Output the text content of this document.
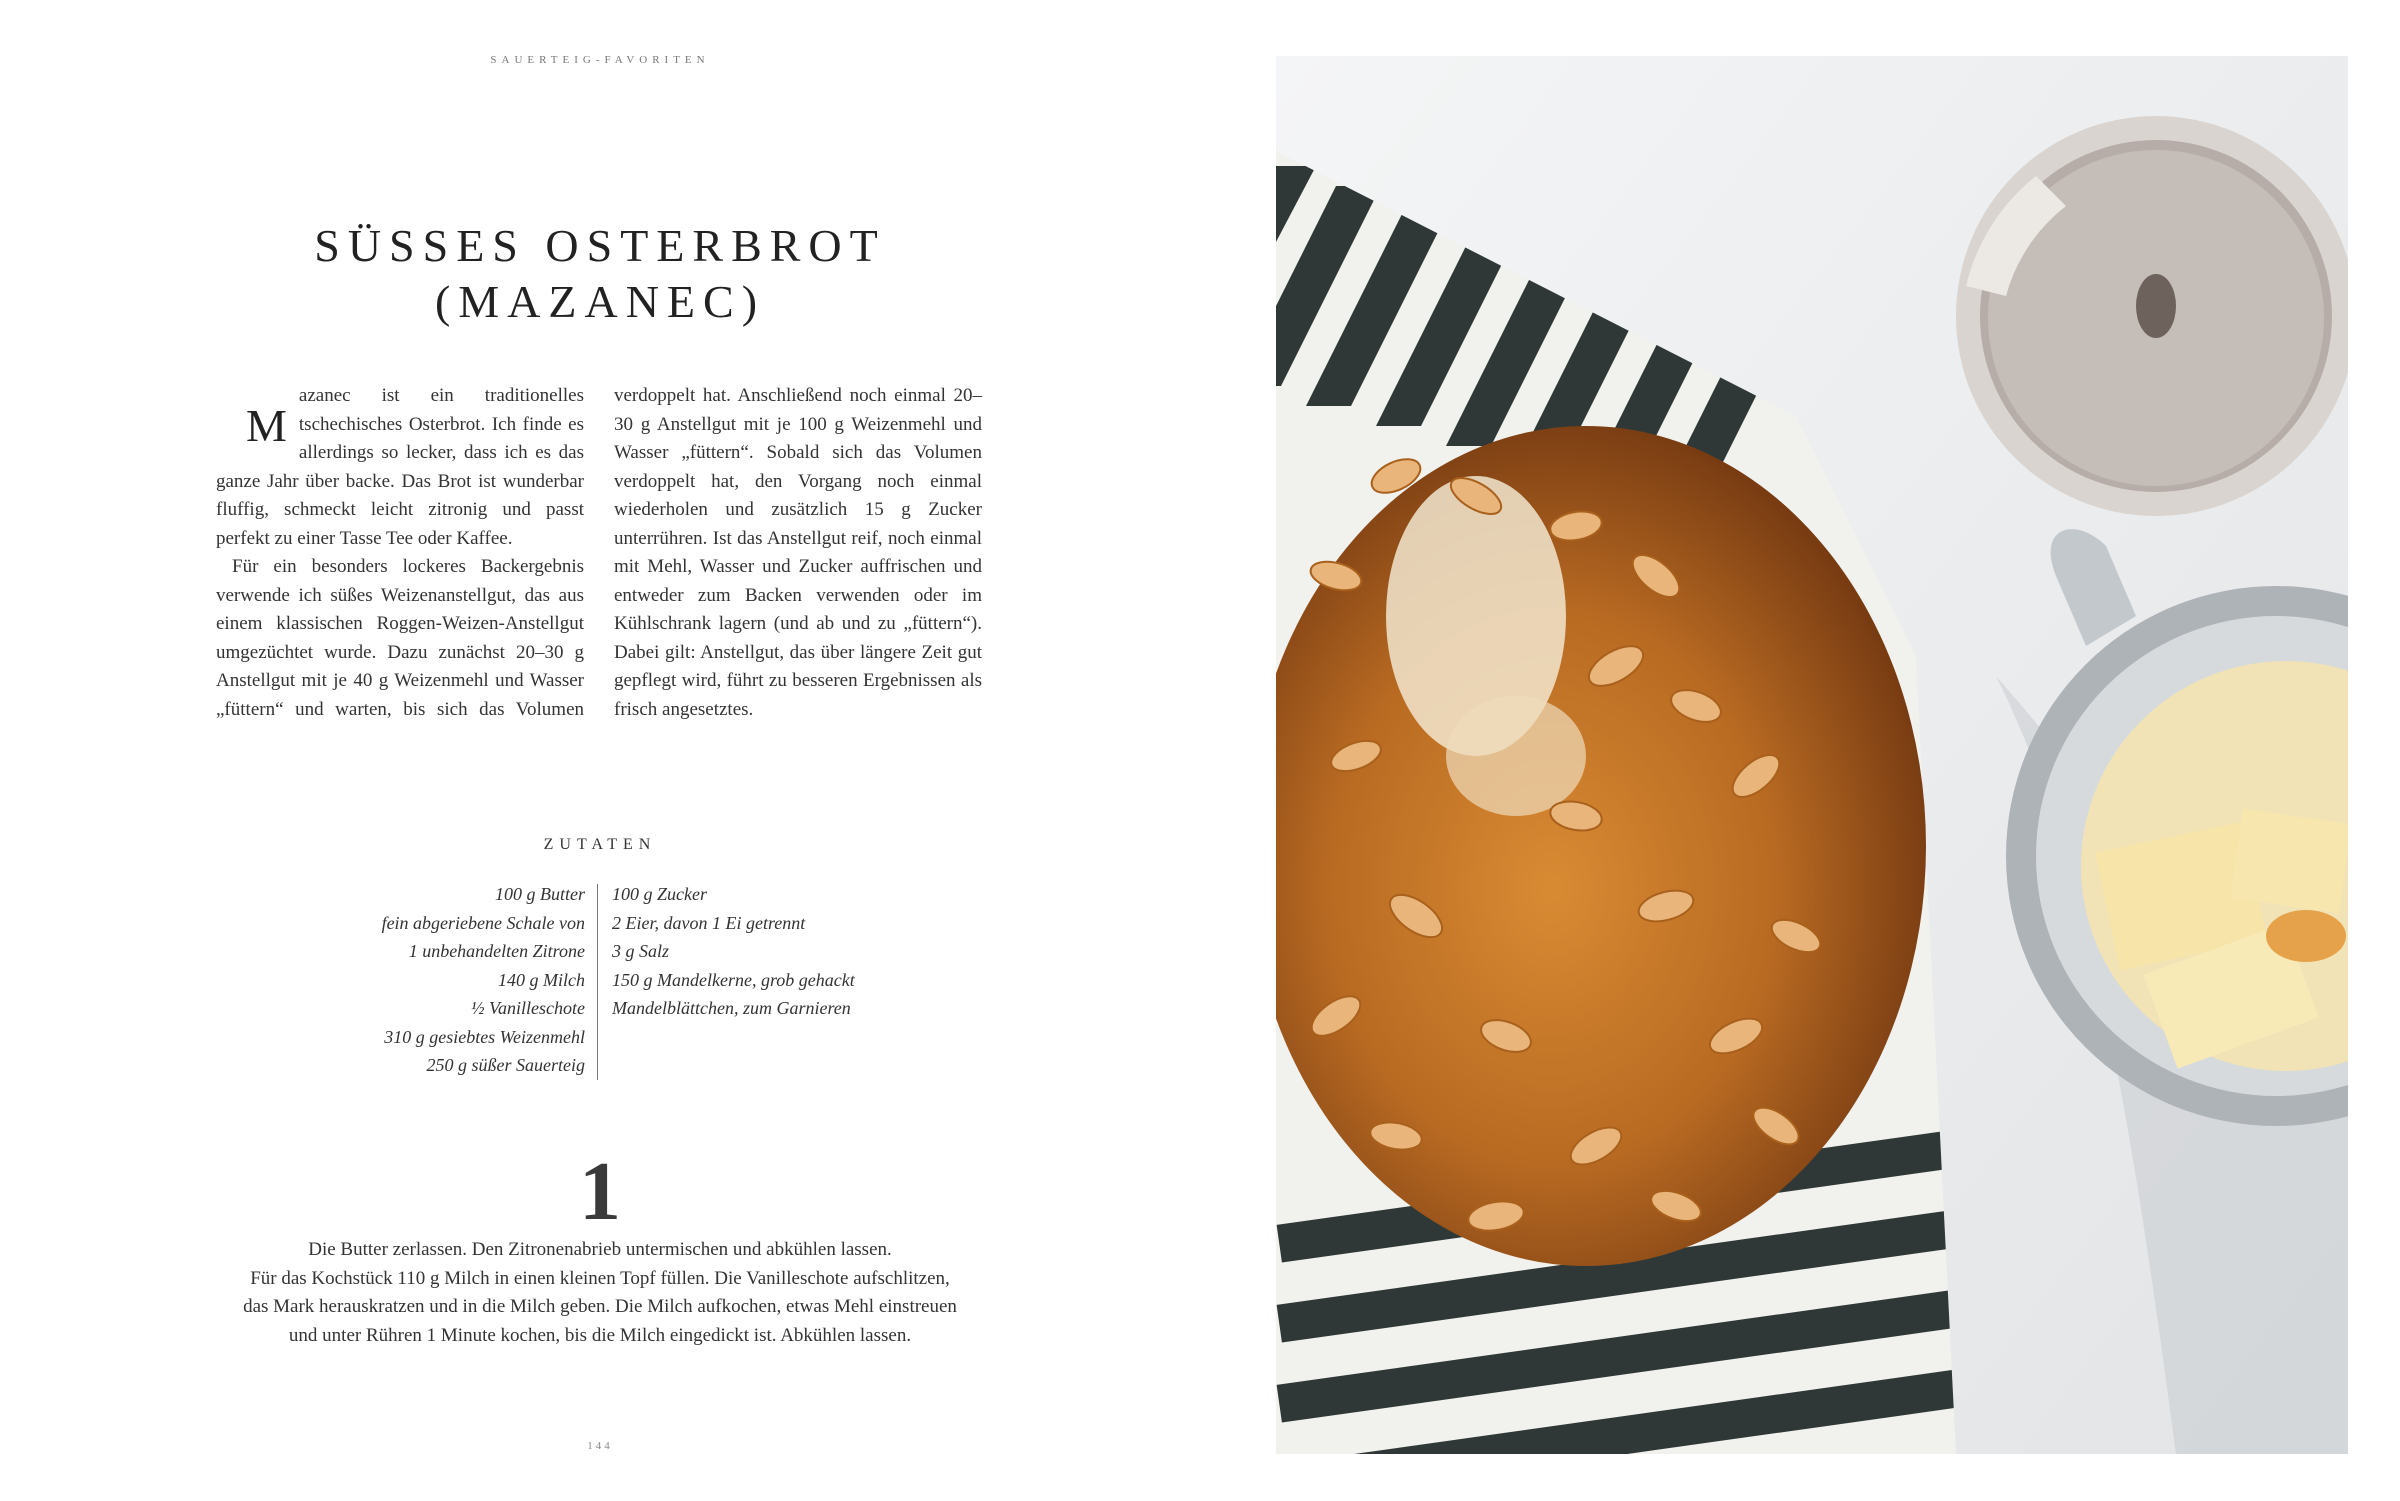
SAUERTEIG-FAVORITEN
SÜSSES OSTERBROT
(MAZANEC)

M
azanec ist ein traditionelles tschechisches Osterbrot. Ich finde es allerdings so lecker, dass ich es das ganze Jahr über backe. Das Brot ist wunderbar fluffig, schmeckt leicht zitronig und passt perfekt zu einer Tasse Tee oder Kaffee.

Für ein besonders lockeres Backergebnis verwende ich süßes Weizenanstellgut, das aus einem klassischen Roggen-Weizen-Anstellgut umgezüchtet wurde. Dazu zunächst 20–30 g Anstellgut mit je 40 g Weizenmehl und Wasser „füttern“ und warten, bis sich das Volumen verdoppelt hat. Anschließend noch einmal 20–30 g Anstellgut mit je 100 g Weizenmehl und Wasser „füttern“. Sobald sich das Volumen verdoppelt hat, den Vorgang noch einmal wiederholen und zusätzlich 15 g Zucker unterrühren. Ist das Anstellgut reif, noch einmal mit Mehl, Wasser und Zucker auffrischen und entweder zum Backen verwenden oder im Kühlschrank lagern (und ab und zu „füttern“). Dabei gilt: Anstellgut, das über längere Zeit gut gepflegt wird, führt zu besseren Ergebnissen als frisch angesetztes.

ZUTATEN
100 g Butter
fein abgeriebene Schale von
1 unbehandelten Zitrone
140 g Milch
½ Vanilleschote
310 g gesiebtes Weizenmehl
250 g süßer Sauerteig
100 g Zucker
2 Eier, davon 1 Ei getrennt
3 g Salz
150 g Mandelkerne, grob gehackt
Mandelblättchen, zum Garnieren
1
Die Butter zerlassen. Den Zitronenabrieb untermischen und abkühlen lassen.
Für das Kochstück 110 g Milch in einen kleinen Topf füllen. Die Vanilleschote aufschlitzen,
das Mark herauskratzen und in die Milch geben. Die Milch aufkochen, etwas Mehl einstreuen
und unter Rühren 1 Minute kochen, bis die Milch eingedickt ist. Abkühlen lassen.
144
